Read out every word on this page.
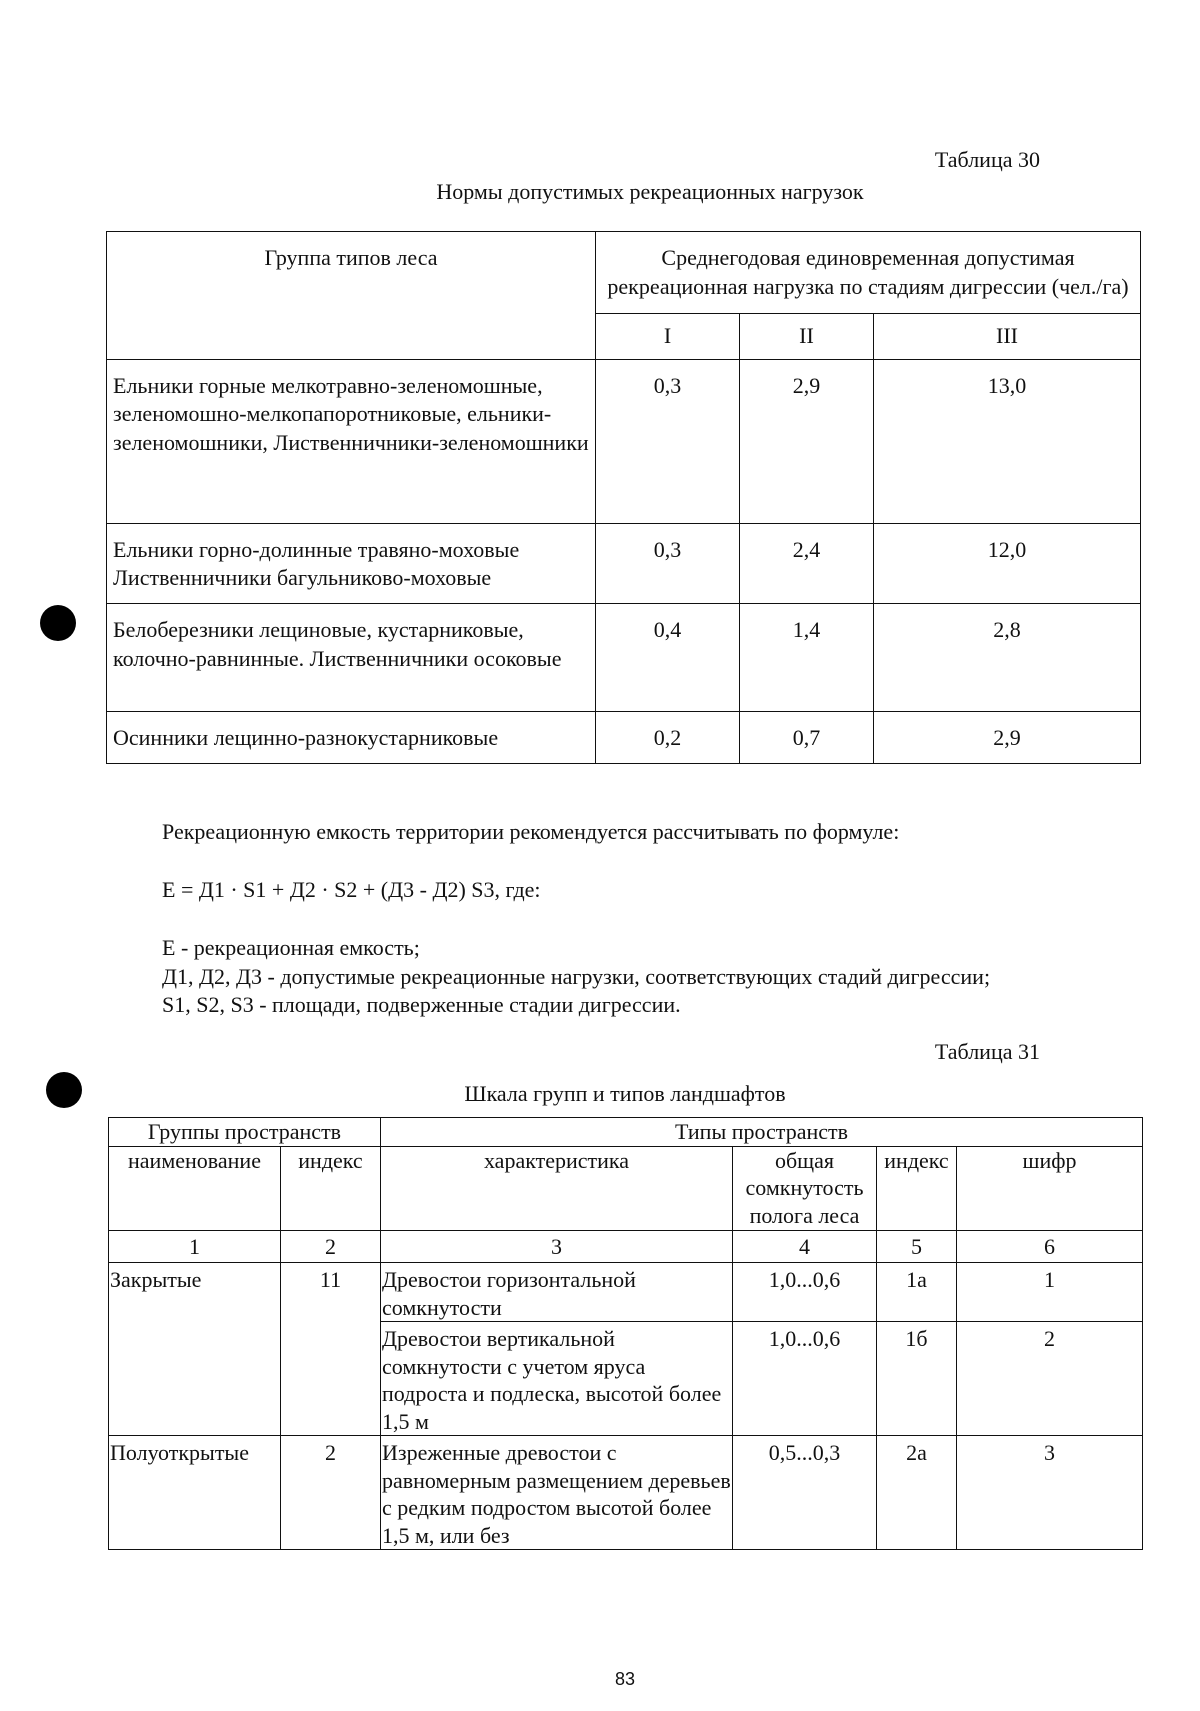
Таблица 30
Нормы допустимых рекреационных нагрузок
Группа типов леса	Среднегодовая единовременная допустимая рекреационная нагрузка по стадиям дигрессии (чел./га)		
	I	II	III
Ельники горные мелкотравно-зеленомошные, зеленомошно-мелкопапоротниковые, ельники-зеленомошники, Лиственничники-зеленомошники	0,3	2,9	13,0
Ельники горно-долинные травяно-моховые Лиственничники багульниково-моховые	0,3	2,4	12,0
Белоберезники лещиновые, кустарниковые, колочно-равнинные. Лиственничники осоковые	0,4	1,4	2,8
Осинники лещинно-разнокустарниковые	0,2	0,7	2,9
Рекреационную емкость территории рекомендуется рассчитывать по формуле:
Е = Д1 · S1 + Д2 · S2 + (Д3 - Д2) S3, где:
Е - рекреационная емкость;
Д1, Д2, Д3 - допустимые рекреационные нагрузки, соответствующих стадий дигрессии;
S1, S2, S3 - площади, подверженные стадии дигрессии.
Таблица 31
Шкала групп и типов ландшафтов
Группы пространств		Типы пространств			
наименование	индекс	характеристика	общая сомкнутость полога леса	индекс	шифр
1	2	3	4	5	6
Закрытые	11	Древостои горизонтальной сомкнутости	1,0...0,6	1а	1
		Древостои вертикальной сомкнутости с учетом яруса подроста и подлеска, высотой более 1,5 м	1,0...0,6	1б	2
Полуоткрытые	2	Изреженные древостои с равномерным размещением деревьев с редким подростом высотой более 1,5 м, или без	0,5...0,3	2а	3
83
